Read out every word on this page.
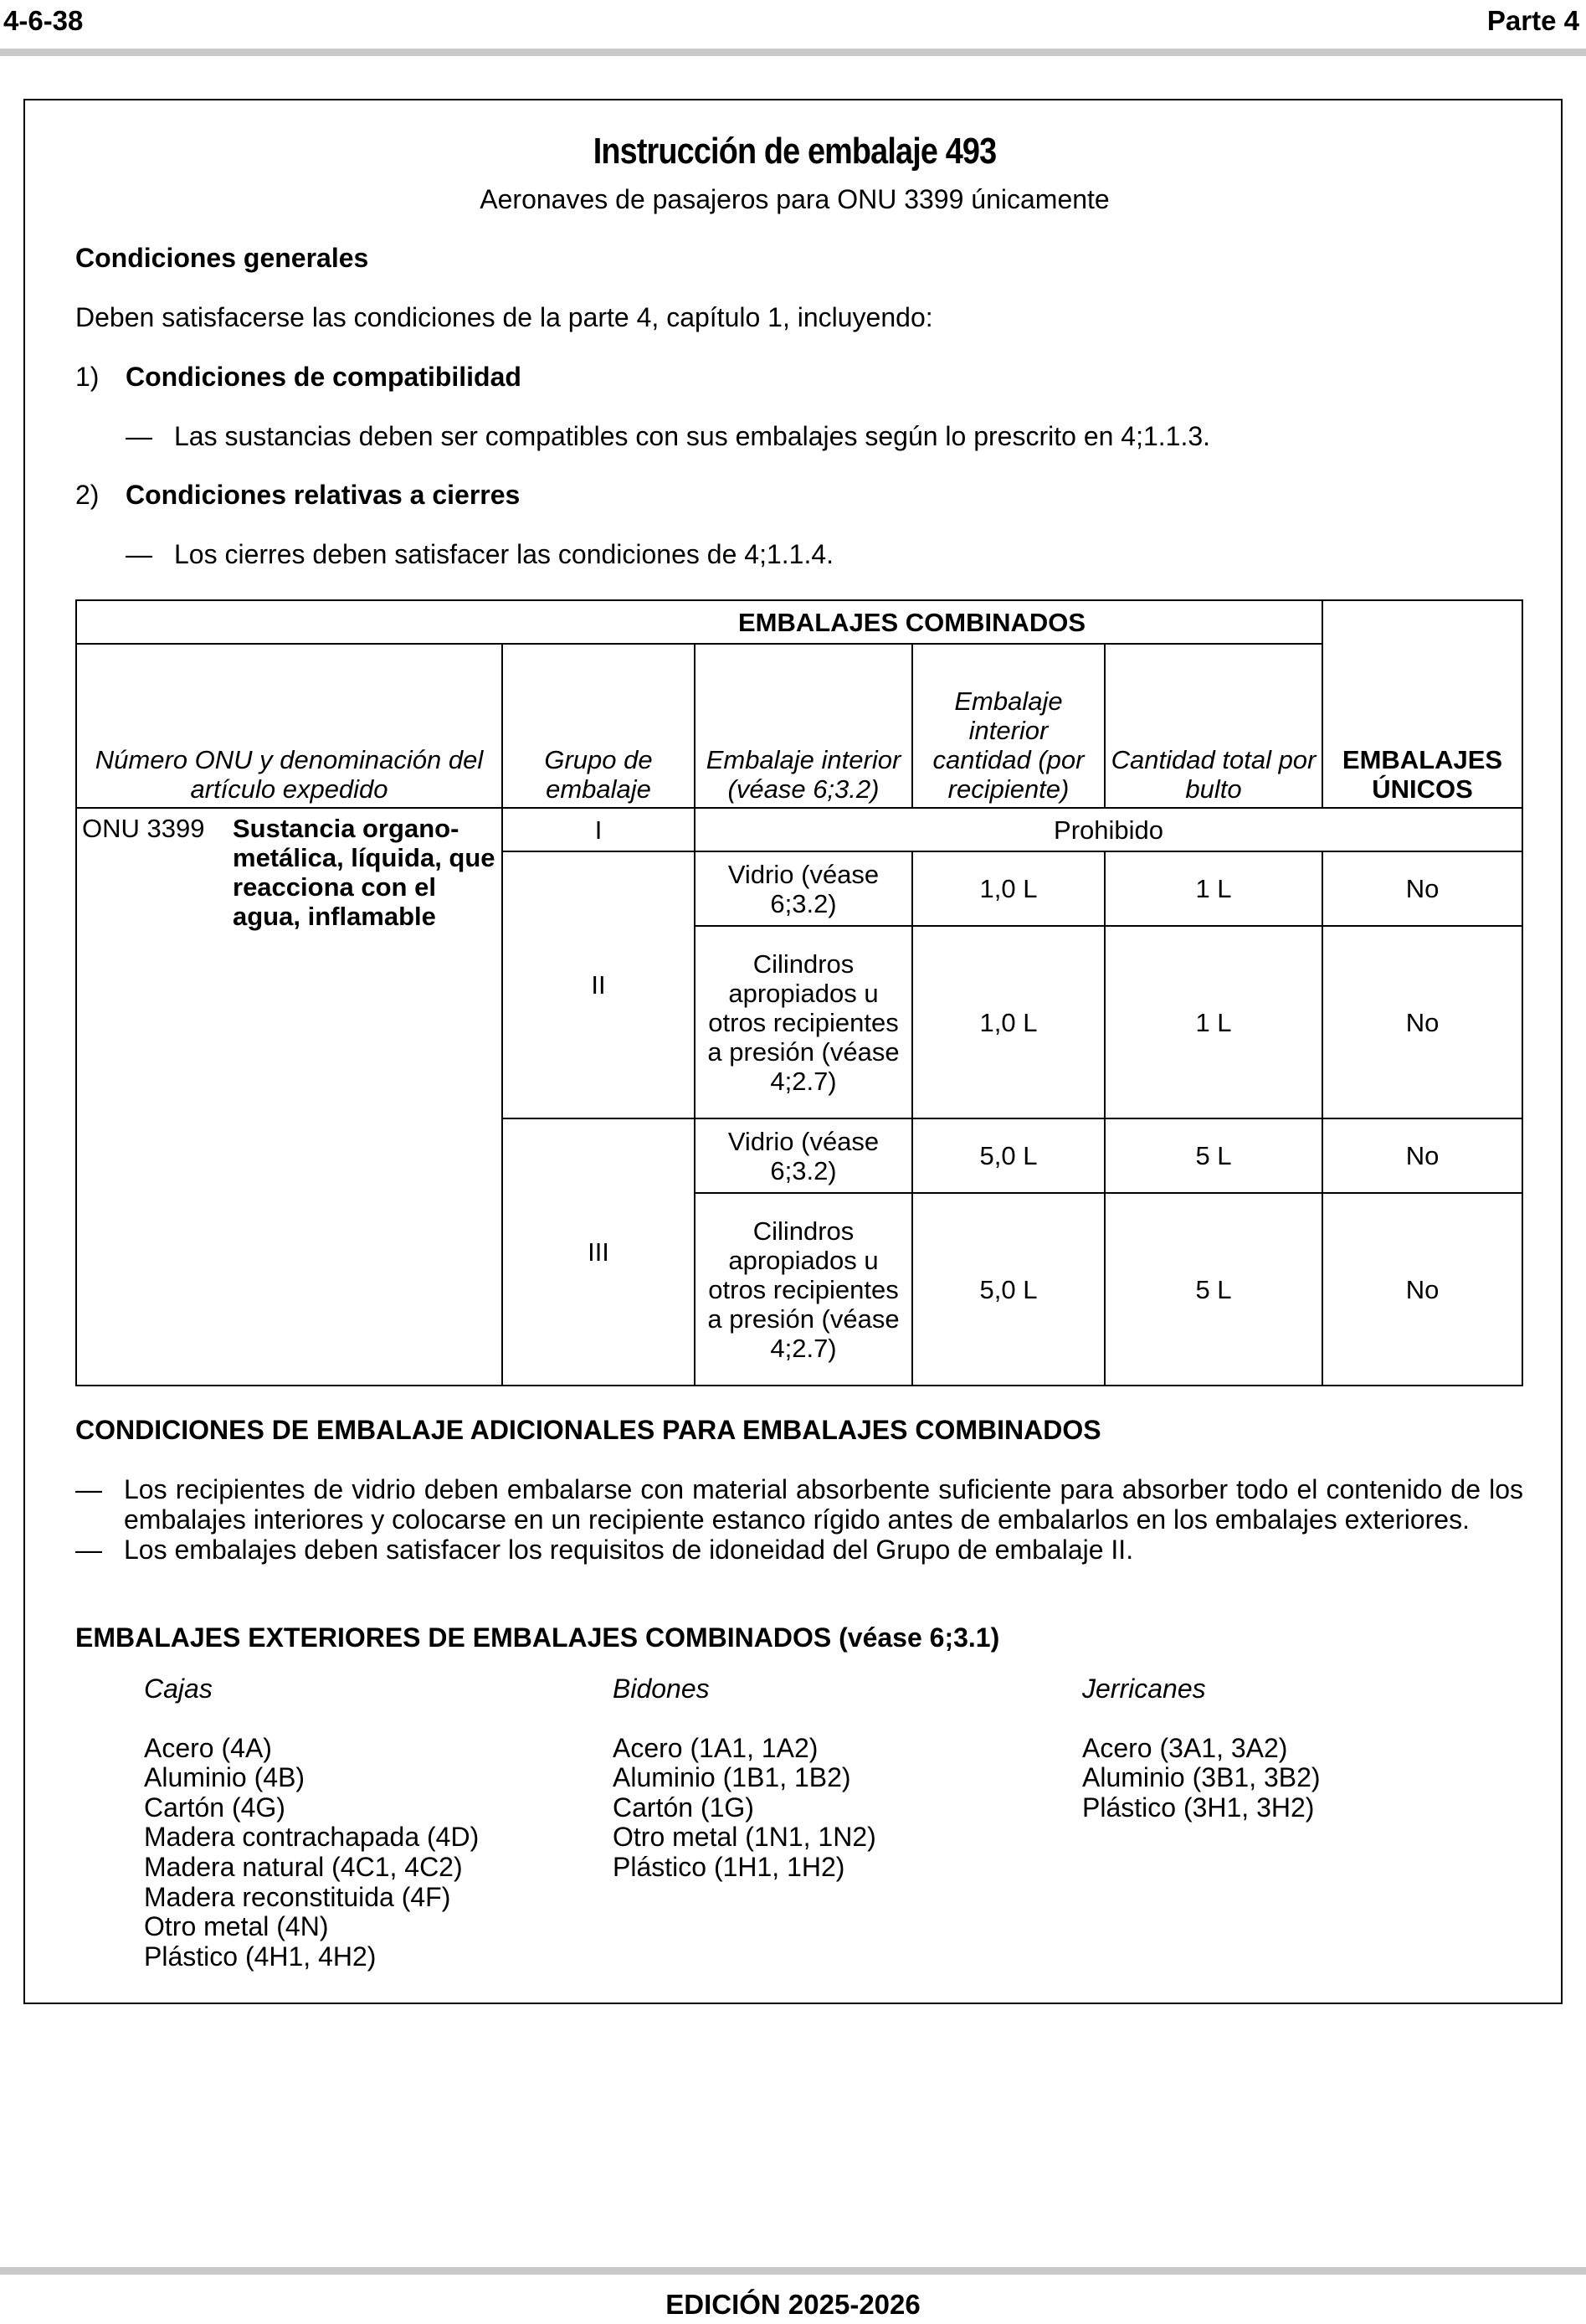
4-6-38	Parte 4
Instrucción de embalaje 493
Aeronaves de pasajeros para ONU 3399 únicamente
Condiciones generales
Deben satisfacerse las condiciones de la parte 4, capítulo 1, incluyendo:
1) Condiciones de compatibilidad
— Las sustancias deben ser compatibles con sus embalajes según lo prescrito en 4;1.1.3.
2) Condiciones relativas a cierres
— Los cierres deben satisfacer las condiciones de 4;1.1.4.
	EMBALAJES COMBINADOS				EMBALAJES ÚNICOS
Número ONU y denominación del artículo expedido	Grupo de embalaje	Embalaje interior (véase 6;3.2)	Embalaje interior cantidad (por recipiente)	Cantidad total por bulto	

ONU 3399 Sustancia organo-metálica, líquida, que reacciona con el agua, inflamable	I	Prohibido			
	II	Vidrio (véase 6;3.2)	1,0 L	1 L	No
		Cilindros apropiados u otros recipientes a presión (véase 4;2.7)	1,0 L	1 L	No
	III	Vidrio (véase 6;3.2)	5,0 L	5 L	No
		Cilindros apropiados u otros recipientes a presión (véase 4;2.7)	5,0 L	5 L	No
CONDICIONES DE EMBALAJE ADICIONALES PARA EMBALAJES COMBINADOS
— Los recipientes de vidrio deben embalarse con material absorbente suficiente para absorber todo el contenido de los embalajes interiores y colocarse en un recipiente estanco rígido antes de embalarlos en los embalajes exteriores.
— Los embalajes deben satisfacer los requisitos de idoneidad del Grupo de embalaje II.
EMBALAJES EXTERIORES DE EMBALAJES COMBINADOS (véase 6;3.1)
Cajas
Acero (4A)
Aluminio (4B)
Cartón (4G)
Madera contrachapada (4D)
Madera natural (4C1, 4C2)
Madera reconstituida (4F)
Otro metal (4N)
Plástico (4H1, 4H2)
Bidones
Acero (1A1, 1A2)
Aluminio (1B1, 1B2)
Cartón (1G)
Otro metal (1N1, 1N2)
Plástico (1H1, 1H2)
Jerricanes
Acero (3A1, 3A2)
Aluminio (3B1, 3B2)
Plástico (3H1, 3H2)
EDICIÓN 2025-2026
